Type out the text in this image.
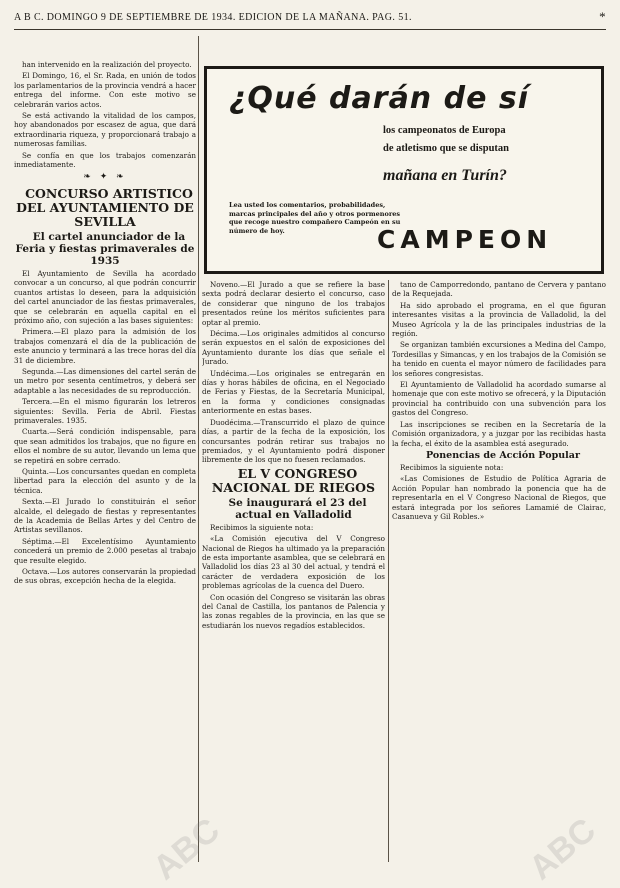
A B C. DOMINGO 9 DE SEPTIEMBRE DE 1934. EDICION DE LA MAÑANA. PAG. 51.	*

han intervenido en la realización del proyecto.

El Domingo, 16, el Sr. Rada, en unión de todos los parlamentarios de la provincia vendrá a hacer entrega del informe. Con este motivo se celebrarán varios actos.

Se está activando la vitalidad de los campos, hoy abandonados por escasez de agua, que dará extraordinaria riqueza, y proporcionará trabajo a numerosas familias.

Se confía en que los trabajos comenzarán inmediatamente.

❧ ✦ ❧

CONCURSO ARTISTICO DEL AYUNTAMIENTO DE SEVILLA

El cartel anunciador de la Feria y fiestas primaverales de 1935

El Ayuntamiento de Sevilla ha acordado convocar a un concurso, al que podrán concurrir cuantos artistas lo deseen, para la adquisición del cartel anunciador de las fiestas primaverales, que se celebrarán en aquella capital en el próximo año, con sujeción a las bases siguientes:

Primera.—El plazo para la admisión de los trabajos comenzará el día de la publicación de este anuncio y terminará a las trece horas del día 31 de diciembre.

Segunda.—Las dimensiones del cartel serán de un metro por sesenta centímetros, y deberá ser adaptable a las necesidades de su reproducción.

Tercera.—En el mismo figurarán los letreros siguientes: Sevilla. Feria de Abril. Fiestas primaverales. 1935.

Cuarta.—Será condición indispensable, para que sean admitidos los trabajos, que no figure en ellos el nombre de su autor, llevando un lema que se repetirá en sobre cerrado.

Quinta.—Los concursantes quedan en completa libertad para la elección del asunto y de la técnica.

Sexta.—El Jurado lo constituirán el señor alcalde, el delegado de fiestas y representantes de la Academia de Bellas Artes y del Centro de Artistas sevillanos.

Séptima.—El Excelentísimo Ayuntamiento concederá un premio de 2.000 pesetas al trabajo que resulte elegido.

Octava.—Los autores conservarán la propiedad de sus obras, excepción hecha de la elegida.

¿Qué darán de sí
los campeonatos de Europa
de atletismo que se disputan
mañana en Turín?
Lea usted los comentarios, probabilidades, marcas principales del año y otros pormenores que recoge nuestro compañero Campeón en su número de hoy.	CAMPEON

Noveno.—El Jurado a que se refiere la base sexta podrá declarar desierto el concurso, caso de considerar que ninguno de los trabajos presentados reúne los méritos suficientes para optar al premio.

Décima.—Los originales admitidos al concurso serán expuestos en el salón de exposiciones del Ayuntamiento durante los días que señale el Jurado.

Undécima.—Los originales se entregarán en días y horas hábiles de oficina, en el Negociado de Ferias y Fiestas, de la Secretaría Municipal, en la forma y condiciones consignadas anteriormente en estas bases.

Duodécima.—Transcurrido el plazo de quince días, a partir de la fecha de la exposición, los concursantes podrán retirar sus trabajos no premiados, y el Ayuntamiento podrá disponer libremente de los que no fuesen reclamados.

EL V CONGRESO NACIONAL DE RIEGOS

Se inaugurará el 23 del actual en Valladolid

Recibimos la siguiente nota:

«La Comisión ejecutiva del V Congreso Nacional de Riegos ha ultimado ya la preparación de esta importante asamblea, que se celebrará en Valladolid los días 23 al 30 del actual, y tendrá el carácter de verdadera exposición de los problemas agrícolas de la cuenca del Duero.

Con ocasión del Congreso se visitarán las obras del Canal de Castilla, los pantanos de Palencia y las zonas regables de la provincia, en las que se estudiarán los nuevos regadíos establecidos.

tano de Camporredondo, pantano de Cervera y pantano de la Requejada.

Ha sido aprobado el programa, en el que figuran interesantes visitas a la provincia de Valladolid, la del Museo Agrícola y la de las principales industrias de la región.

Se organizan también excursiones a Medina del Campo, Tordesillas y Simancas, y en los trabajos de la Comisión se ha tenido en cuenta el mayor número de facilidades para los señores congresistas.

El Ayuntamiento de Valladolid ha acordado sumarse al homenaje que con este motivo se ofrecerá, y la Diputación provincial ha contribuido con una subvención para los gastos del Congreso.

Las inscripciones se reciben en la Secretaría de la Comisión organizadora, y a juzgar por las recibidas hasta la fecha, el éxito de la asamblea está asegurado.

Ponencias de Acción Popular

Recibimos la siguiente nota:

«Las Comisiones de Estudio de Política Agraria de Acción Popular han nombrado la ponencia que ha de representarla en el V Congreso Nacional de Riegos, que estará integrada por los señores Lamamié de Clairac, Casanueva y Gil Robles.»

ABC	ABC
